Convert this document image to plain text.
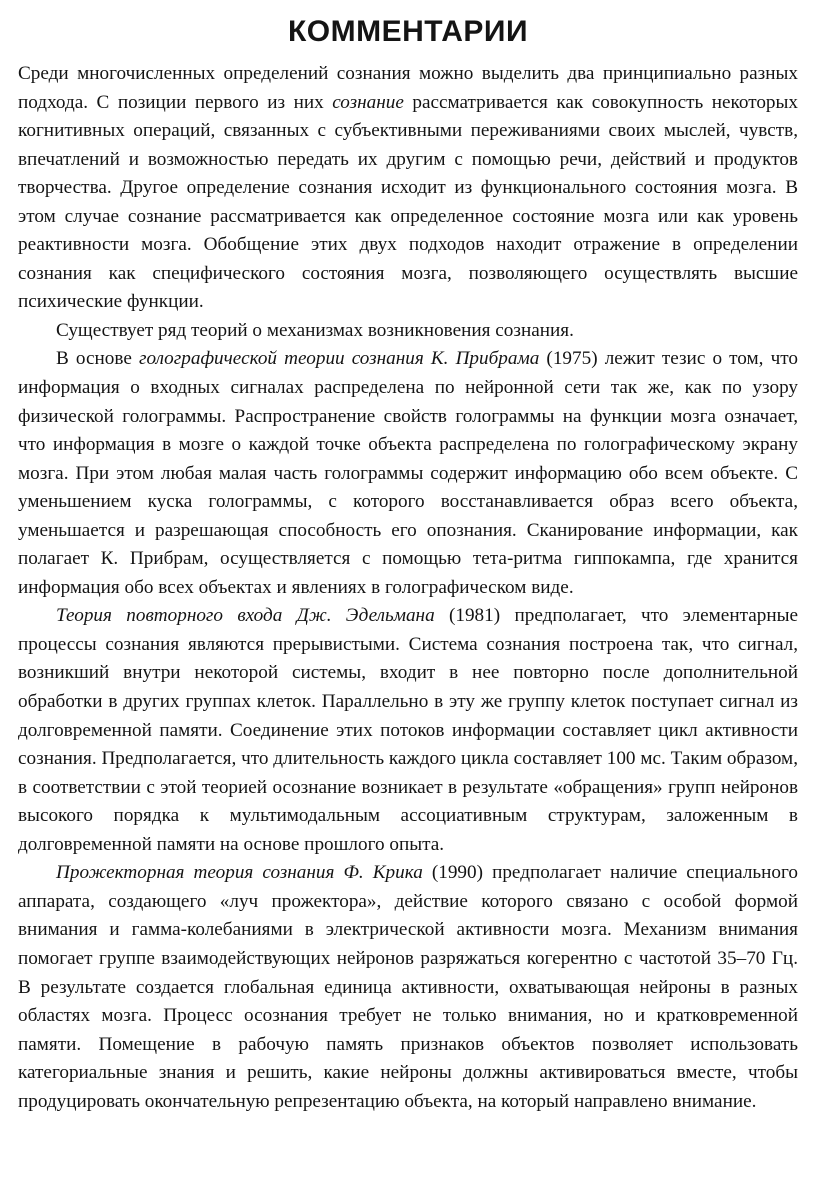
КОММЕНТАРИИ

Среди многочисленных определений сознания можно выделить два принципиально разных подхода. С позиции первого из них сознание рассматривается как совокупность некоторых когнитивных операций, связанных с субъективными переживаниями своих мыслей, чувств, впечатлений и возможностью передать их другим с помощью речи, действий и продуктов творчества. Другое определение сознания исходит из функционального состояния мозга. В этом случае сознание рассматривается как определенное состояние мозга или как уровень реактивности мозга. Обобщение этих двух подходов находит отражение в определении сознания как специфического состояния мозга, позволяющего осуществлять высшие психические функции.

Существует ряд теорий о механизмах возникновения сознания.

В основе голографической теории сознания К. Прибрама (1975) лежит тезис о том, что информация о входных сигналах распределена по нейронной сети так же, как по узору физической голограммы. Распространение свойств голограммы на функции мозга означает, что информация в мозге о каждой точке объекта распределена по голографическому экрану мозга. При этом любая малая часть голограммы содержит информацию обо всем объекте. С уменьшением куска голограммы, с которого восстанавливается образ всего объекта, уменьшается и разрешающая способность его опознания. Сканирование информации, как полагает К. Прибрам, осуществляется с помощью тета-ритма гиппокампа, где хранится информация обо всех объектах и явлениях в голографическом виде.

Теория повторного входа Дж. Эдельмана (1981) предполагает, что элементарные процессы сознания являются прерывистыми. Система сознания построена так, что сигнал, возникший внутри некоторой системы, входит в нее повторно после дополнительной обработки в других группах клеток. Параллельно в эту же группу клеток поступает сигнал из долговременной памяти. Соединение этих потоков информации составляет цикл активности сознания. Предполагается, что длительность каждого цикла составляет 100 мс. Таким образом, в соответствии с этой теорией осознание возникает в результате «обращения» групп нейронов высокого порядка к мультимодальным ассоциативным структурам, заложенным в долговременной памяти на основе прошлого опыта.

Прожекторная теория сознания Ф. Крика (1990) предполагает наличие специального аппарата, создающего «луч прожектора», действие которого связано с особой формой внимания и гамма-колебаниями в электрической активности мозга. Механизм внимания помогает группе взаимодействующих нейронов разряжаться когерентно с частотой 35–70 Гц. В результате создается глобальная единица активности, охватывающая нейроны в разных областях мозга. Процесс осознания требует не только внимания, но и кратковременной памяти. Помещение в рабочую память признаков объектов позволяет использовать категориальные знания и решить, какие нейроны должны активироваться вместе, чтобы продуцировать окончательную репрезентацию объекта, на который направлено внимание.
